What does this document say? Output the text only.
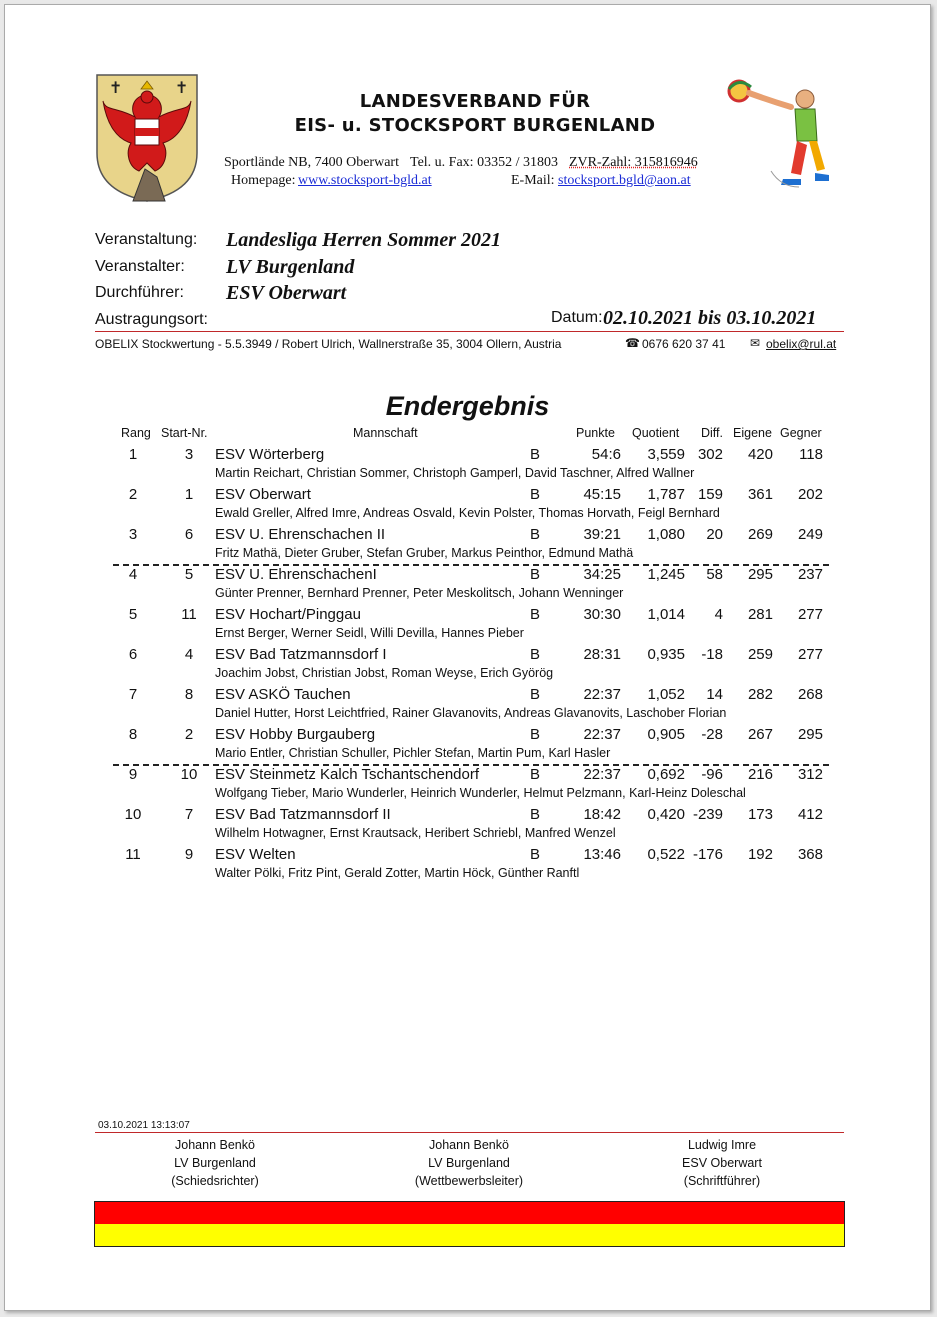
✝	✝
LANDESVERBAND FÜR
EIS- u. STOCKSPORT BURGENLAND
Sportlände NB, 7400 Oberwart Tel. u. Fax: 03352 / 31803 ZVR-Zahl: 315816946
Homepage: www.stocksport-bgld.at	E-Mail: stocksport.bgld@aon.at
Veranstaltung: Landesliga Herren Sommer 2021
Veranstalter: LV Burgenland
Durchführer: ESV Oberwart
Austragungsort:	Datum: 02.10.2021 bis 03.10.2021
OBELIX Stockwertung - 5.5.3949 / Robert Ulrich, Wallnerstraße 35, 3004 Ollern, Austria	☎ 0676 620 37 41 ✉ obelix@rul.at
Endergebnis
Rang Start-Nr.	Mannschaft	Punkte Quotient Diff. Eigene Gegner
1	3	ESV Wörterberg	B	54:6	3,559 302	420	118
Martin Reichart, Christian Sommer, Christoph Gamperl, David Taschner, Alfred Wallner
2	1	ESV Oberwart	B	45:15	1,787 159	361	202
Ewald Greller, Alfred Imre, Andreas Osvald, Kevin Polster, Thomas Horvath, Feigl Bernhard
3	6	ESV U. Ehrenschachen II	B	39:21	1,080	20	269	249
Fritz Mathä, Dieter Gruber, Stefan Gruber, Markus Peinthor, Edmund Mathä
4	5	ESV U. EhrenschachenI	B	34:25	1,245	58	295	237
Günter Prenner, Bernhard Prenner, Peter Meskolitsch, Johann Wenninger
5	11	ESV Hochart/Pinggau	B	30:30	1,014	4	281	277
Ernst Berger, Werner Seidl, Willi Devilla, Hannes Pieber
6	4	ESV Bad Tatzmannsdorf I	B	28:31	0,935	-18	259	277
Joachim Jobst, Christian Jobst, Roman Weyse, Erich Györög
7	8	ESV ASKÖ Tauchen	B	22:37	1,052	14	282	268
Daniel Hutter, Horst Leichtfried, Rainer Glavanovits, Andreas Glavanovits, Laschober Florian
8	2	ESV Hobby Burgauberg	B	22:37	0,905	-28	267	295
Mario Entler, Christian Schuller, Pichler Stefan, Martin Pum, Karl Hasler
9	10	ESV Steinmetz Kalch Tschantschendorf	B	22:37	0,692	-96	216	312
Wolfgang Tieber, Mario Wunderler, Heinrich Wunderler, Helmut Pelzmann, Karl-Heinz Doleschal
10	7	ESV Bad Tatzmannsdorf II	B	18:42	0,420 -239	173	412
Wilhelm Hotwagner, Ernst Krautsack, Heribert Schriebl, Manfred Wenzel
11	9	ESV Welten	B	13:46	0,522 -176	192	368
Walter Pölki, Fritz Pint, Gerald Zotter, Martin Höck, Günther Ranftl
03.10.2021 13:13:07
Johann Benkö
LV Burgenland
(Schiedsrichter)
Johann Benkö
LV Burgenland
(Wettbewerbsleiter)
Ludwig Imre
ESV Oberwart
(Schriftführer)
